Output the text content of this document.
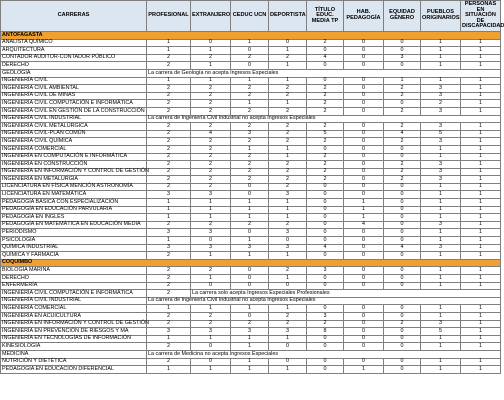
CARRERAS	PROFESIONAL	EXTRANJERO	CEDUC UCN	DEPORTISTA	TÍTULO EDUC. MEDIA TP	HAB. PEDAGOGÍA	EQUIDAD GÉNERO	PUEBLOS ORIGINARIOS	PERSONAS EN SITUACIÓN DE DISCAPACIDAD
ANTOFAGASTA									
ANALISTA QUÍMICO	1	0	1	0	2	0	0	1	1
ARQUITECTURA	1	1	0	1	0	0	0	1	1
CONTADOR AUDITOR-CONTADOR PÚBLICO	2	2	2	2	4	0	3	1	1
DERECHO	2	1	0	1	0	0	0	1	1
GEOLOGÍA	La carrera de Geología no acepta Ingresos Especiales								
INGENIERÍA CIVIL	1	1	1	1	0	0	1	1	1
INGENIERÍA CIVIL AMBIENTAL	2	2	2	2	2	0	2	3	1
INGENIERÍA CIVIL DE MINAS	2	2	2	2	2	0	2	3	1
INGENIERÍA CIVIL COMPUTACIÓN E INFORMÁTICA	2	2	1	1	2	0	0	2	1
INGENIERÍA CIVIL EN GESTIÓN DE LA CONSTRUCCIÓN	2	2	2	2	2	0	2	3	1
INGENIERÍA CIVIL INDUSTRIAL	La carrera de Ingeniería Civil Industrial no acepta Ingresos Especiales								
INGENIERÍA CIVIL METALÚRGICA	2	2	2	2	2	0	2	3	1
INGENIERÍA CIVIL-PLAN COMÚN	2	4	3	2	5	0	4	5	1
INGENIERÍA CIVIL QUÍMICA	2	2	2	2	2	0	2	3	1
INGENIERÍA COMERCIAL	2	2	1	1	0	0	0	1	1
INGENIERÍA EN COMPUTACIÓN E INFORMÁTICA	2	2	2	1	2	0	0	1	1
INGENIERÍA EN CONSTRUCCIÓN	2	2	2	2	2	0	2	3	1
INGENIERÍA EN INFORMACIÓN Y CONTROL DE GESTIÓN	2	2	2	2	2	0	2	3	1
INGENIERÍA EN METALURGIA	2	2	2	2	2	0	2	3	1
LICENCIATURA EN FÍSICA MENCIÓN ASTRONOMÍA	2	2	0	2	0	0	0	1	1
LICENCIATURA EN MATEMÁTICA	3	3	0	3	0	0	0	1	1
PEDAGOGÍA BÁSICA CON ESPECIALIZACIÓN	1	1	1	1	0	1	0	1	1
PEDAGOGÍA EN EDUCACIÓN PARVULARIA	1	1	1	1	0	1	0	1	1
PEDAGOGÍA EN INGLÉS	1	1	1	1	0	1	0	1	1
PEDAGOGÍA EN MATEMÁTICA EN EDUCACIÓN MEDIA	2	2	2	2	0	4	0	3	1
PERIODISMO	3	3	0	3	0	0	0	1	1
PSICOLOGÍA	1	0	1	0	0	0	0	1	1
QUÍMICA INDUSTRIAL	3	3	3	3	4	0	4	3	1
QUÍMICA Y FARMACIA	2	1	1	1	0	0	0	1	1
COQUIMBO									
BIOLOGÍA MARINA	2	2	0	2	3	0	0	1	1
DERECHO	2	1	0	1	0	0	0	1	1
ENFERMERÍA	2	0	0	0	0	0	0	1	1
INGENIERÍA CIVIL COMPUTACIÓN E INFORMÁTICA	2	La carrera solo acepta Ingresos Especiales Profesionales							
INGENIERÍA CIVIL INDUSTRIAL	La carrera de Ingeniería Civil Industrial no acepta Ingresos Especiales								
INGENIERÍA COMERCIAL	1	1	1	1	0	0	0	1	1
INGENIERÍA EN ACUICULTURA	2	2	0	2	3	0	0	1	1
INGENIERÍA EN INFORMACIÓN Y CONTROL DE GESTIÓN	2	2	2	2	2	0	2	3	1
INGENIERÍA EN PREVENCIÓN DE RIESGOS Y MA	3	3	3	3	8	0	0	5	1
INGENIERÍA EN TECNOLOGÍAS DE INFORMACIÓN	1	1	1	1	0	0	0	1	1
KINESIOLOGÍA	2	0	1	0	0	0	0	1	1
MEDICINA	La carrera de Medicina no acepta Ingresos Especiales								
NUTRICIÓN Y DIETÉTICA	2	0	1	0	0	0	0	1	1
PEDAGOGÍA EN EDUCACIÓN DIFERENCIAL	1	1	1	1	0	1	0	1	1
